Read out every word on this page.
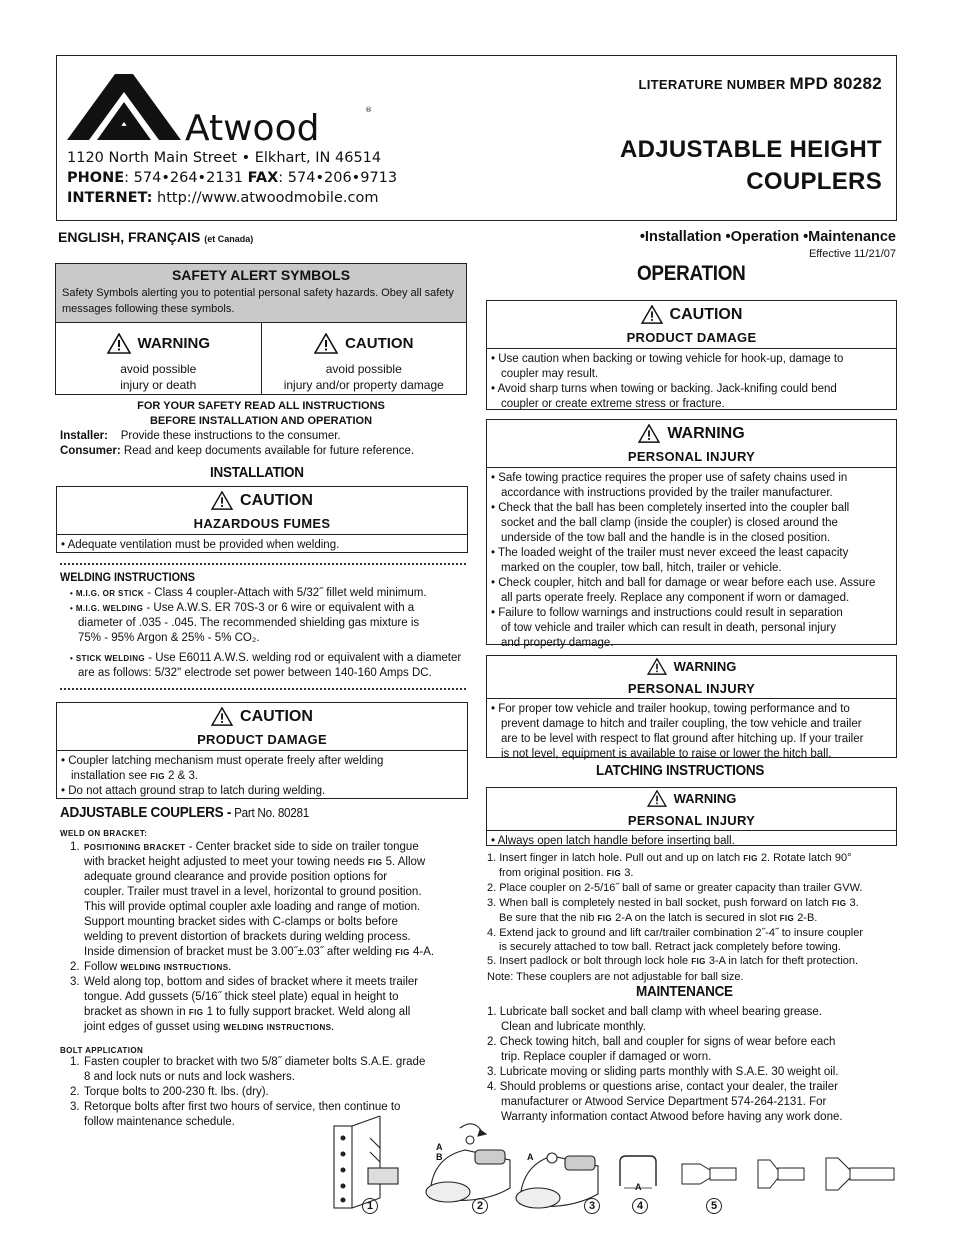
Atwood	®
1120 North Main Street • Elkhart, IN 46514
PHONE: 574•264•2131 FAX: 574•206•9713
INTERNET: http://www.atwoodmobile.com
LITERATURE NUMBER MPD 80282
ADJUSTABLE HEIGHT
COUPLERS
ENGLISH, FRANÇAIS (et Canada)	•Installation •Operation •Maintenance
Effective 11/21/07
SAFETY ALERT SYMBOLS
Safety Symbols alerting you to potential personal safety hazards. Obey all safety messages following these symbols.
WARNING
avoid possible
injury or death
CAUTION
avoid possible
injury and/or property damage
FOR YOUR SAFETY READ ALL INSTRUCTIONS
BEFORE INSTALLATION AND OPERATION
Installer: Provide these instructions to the consumer.
Consumer: Read and keep documents available for future reference.
INSTALLATION
CAUTION
HAZARDOUS FUMES
• Adequate ventilation must be provided when welding.
WELDING INSTRUCTIONS
• M.I.G. OR STICK - Class 4 coupler-Attach with 5/32˝ fillet weld minimum.
• M.I.G. WELDING - Use A.W.S. ER 70S-3 or 6 wire or equivalent with a
diameter of .035 - .045. The recommended shielding gas mixture is
75% - 95% Argon & 25% - 5% CO₂.
• STICK WELDING - Use E6011 A.W.S. welding rod or equivalent with a diameter
are as follows: 5/32" electrode set power between 140-160 Amps DC.
CAUTION
PRODUCT DAMAGE
• Coupler latching mechanism must operate freely after welding
installation see FIG 2 & 3.
• Do not attach ground strap to latch during welding.
ADJUSTABLE COUPLERS - Part No. 80281
WELD ON BRACKET:
1. POSITIONING BRACKET - Center bracket side to side on trailer tongue
with bracket height adjusted to meet your towing needs FIG 5. Allow
adequate ground clearance and provide position options for
coupler. Trailer must travel in a level, horizontal to ground position.
This will provide optimal coupler axle loading and range of motion.
Support mounting bracket sides with C-clamps or bolts before
welding to prevent distortion of brackets during welding process.
Inside dimension of bracket must be 3.00˝±.03˝ after welding FIG 4-A.
2. Follow WELDING INSTRUCTIONS.
3. Weld along top, bottom and sides of bracket where it meets trailer
tongue. Add gussets (5/16˝ thick steel plate) equal in height to
bracket as shown in FIG 1 to fully support bracket. Weld along all
joint edges of gusset using WELDING INSTRUCTIONS.
BOLT APPLICATION
1. Fasten coupler to bracket with two 5/8˝ diameter bolts S.A.E. grade
8 and lock nuts or nuts and lock washers.
2. Torque bolts to 200-230 ft. lbs. (dry).
3. Retorque bolts after first two hours of service, then continue to
follow maintenance schedule.
OPERATION
CAUTION
PRODUCT DAMAGE
• Use caution when backing or towing vehicle for hook-up, damage to
coupler may result.
• Avoid sharp turns when towing or backing. Jack-knifing could bend
coupler or create extreme stress or fracture.
WARNING
PERSONAL INJURY
• Safe towing practice requires the proper use of safety chains used in
accordance with instructions provided by the trailer manufacturer.
• Check that the ball has been completely inserted into the coupler ball
socket and the ball clamp (inside the coupler) is closed around the
underside of the tow ball and the handle is in the closed position.
• The loaded weight of the trailer must never exceed the least capacity
marked on the coupler, tow ball, hitch, trailer or vehicle.
• Check coupler, hitch and ball for damage or wear before each use. Assure
all parts operate freely. Replace any component if worn or damaged.
• Failure to follow warnings and instructions could result in separation
of tow vehicle and trailer which can result in death, personal injury
and property damage.
WARNING
PERSONAL INJURY
• For proper tow vehicle and trailer hookup, towing performance and to
prevent damage to hitch and trailer coupling, the tow vehicle and trailer
are to be level with respect to flat ground after hitching up. If your trailer
is not level, equipment is available to raise or lower the hitch ball.
LATCHING INSTRUCTIONS
WARNING
PERSONAL INJURY
• Always open latch handle before inserting ball.
1. Insert finger in latch hole. Pull out and up on latch FIG 2. Rotate latch 90°
from original position. FIG 3.
2. Place coupler on 2-5/16˝ ball of same or greater capacity than trailer GVW.
3. When ball is completely nested in ball socket, push forward on latch FIG 3.
Be sure that the nib FIG 2-A on the latch is secured in slot FIG 2-B.
4. Extend jack to ground and lift car/trailer combination 2˝-4˝ to insure coupler
is securely attached to tow ball. Retract jack completely before towing.
5. Insert padlock or bolt through lock hole FIG 3-A in latch for theft protection.
Note: These couplers are not adjustable for ball size.
MAINTENANCE
1. Lubricate ball socket and ball clamp with wheel bearing grease.
Clean and lubricate monthly.
2. Check towing hitch, ball and coupler for signs of wear before each
trip. Replace coupler if damaged or worn.
3. Lubricate moving or sliding parts monthly with S.A.E. 30 weight oil.
4. Should problems or questions arise, contact your dealer, the trailer
manufacturer or Atwood Service Department 574-264-2131. For
Warranty information contact Atwood before having any work done.
A
B	A
A
1	2	3	4	5
